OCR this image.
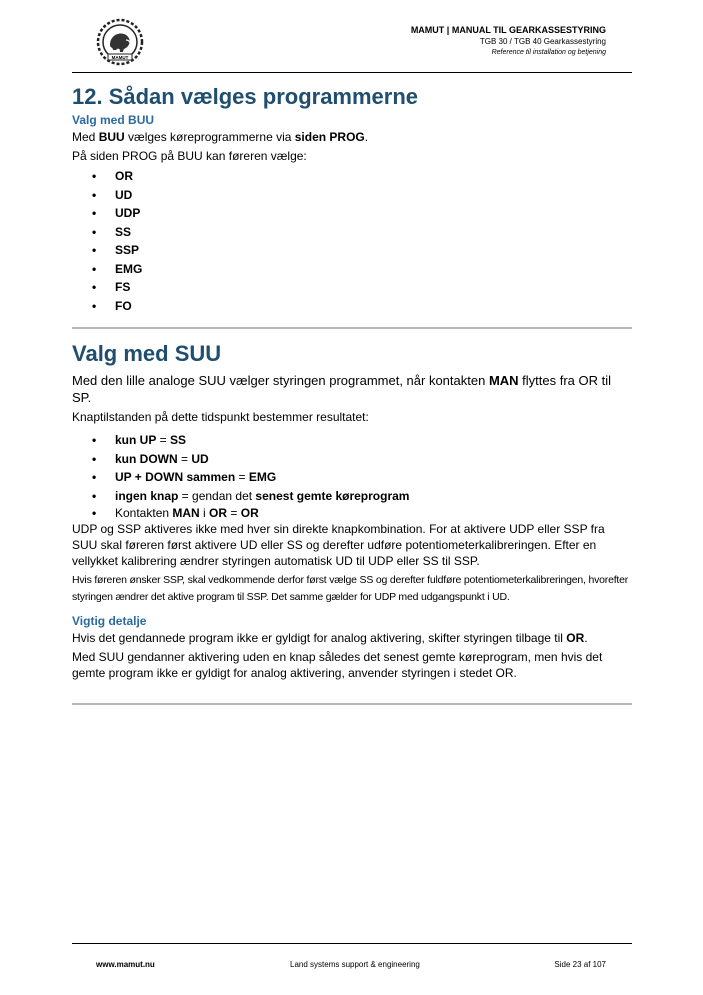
MAMUT
MAMUT | MANUAL TIL GEARKASSESTYRING
TGB 30 / TGB 40 Gearkassestyring
Reference til installation og betjening
12. Sådan vælges programmerne
Valg med BUU

Med BUU vælges køreprogrammerne via siden PROG.

På siden PROG på BUU kan føreren vælge:

• OR
• UD
• UDP
• SS
• SSP
• EMG
• FS
• FO
Valg med SUU

Med den lille analoge SUU vælger styringen programmet, når kontakten MAN flyttes fra OR til SP.

Knaptilstanden på dette tidspunkt bestemmer resultatet:

• kun UP = SS
• kun DOWN = UD
• UP + DOWN sammen = EMG
• ingen knap = gendan det senest gemte køreprogram
• Kontakten MAN i OR = OR

UDP og SSP aktiveres ikke med hver sin direkte knapkombination. For at aktivere UDP eller SSP fra SUU skal føreren først aktivere UD eller SS og derefter udføre potentiometerkalibreringen. Efter en vellykket kalibrering ændrer styringen automatisk UD til UDP eller SS til SSP.

Hvis føreren ønsker SSP, skal vedkommende derfor først vælge SS og derefter fuldføre potentiometerkalibreringen, hvorefter styringen ændrer det aktive program til SSP. Det samme gælder for UDP med udgangspunkt i UD.

Vigtig detalje

Hvis det gendannede program ikke er gyldigt for analog aktivering, skifter styringen tilbage til OR.

Med SUU gendanner aktivering uden en knap således det senest gemte køreprogram, men hvis det gemte program ikke er gyldigt for analog aktivering, anvender styringen i stedet OR.

www.mamut.nu	Land systems support & engineering	Side 23 af 107
